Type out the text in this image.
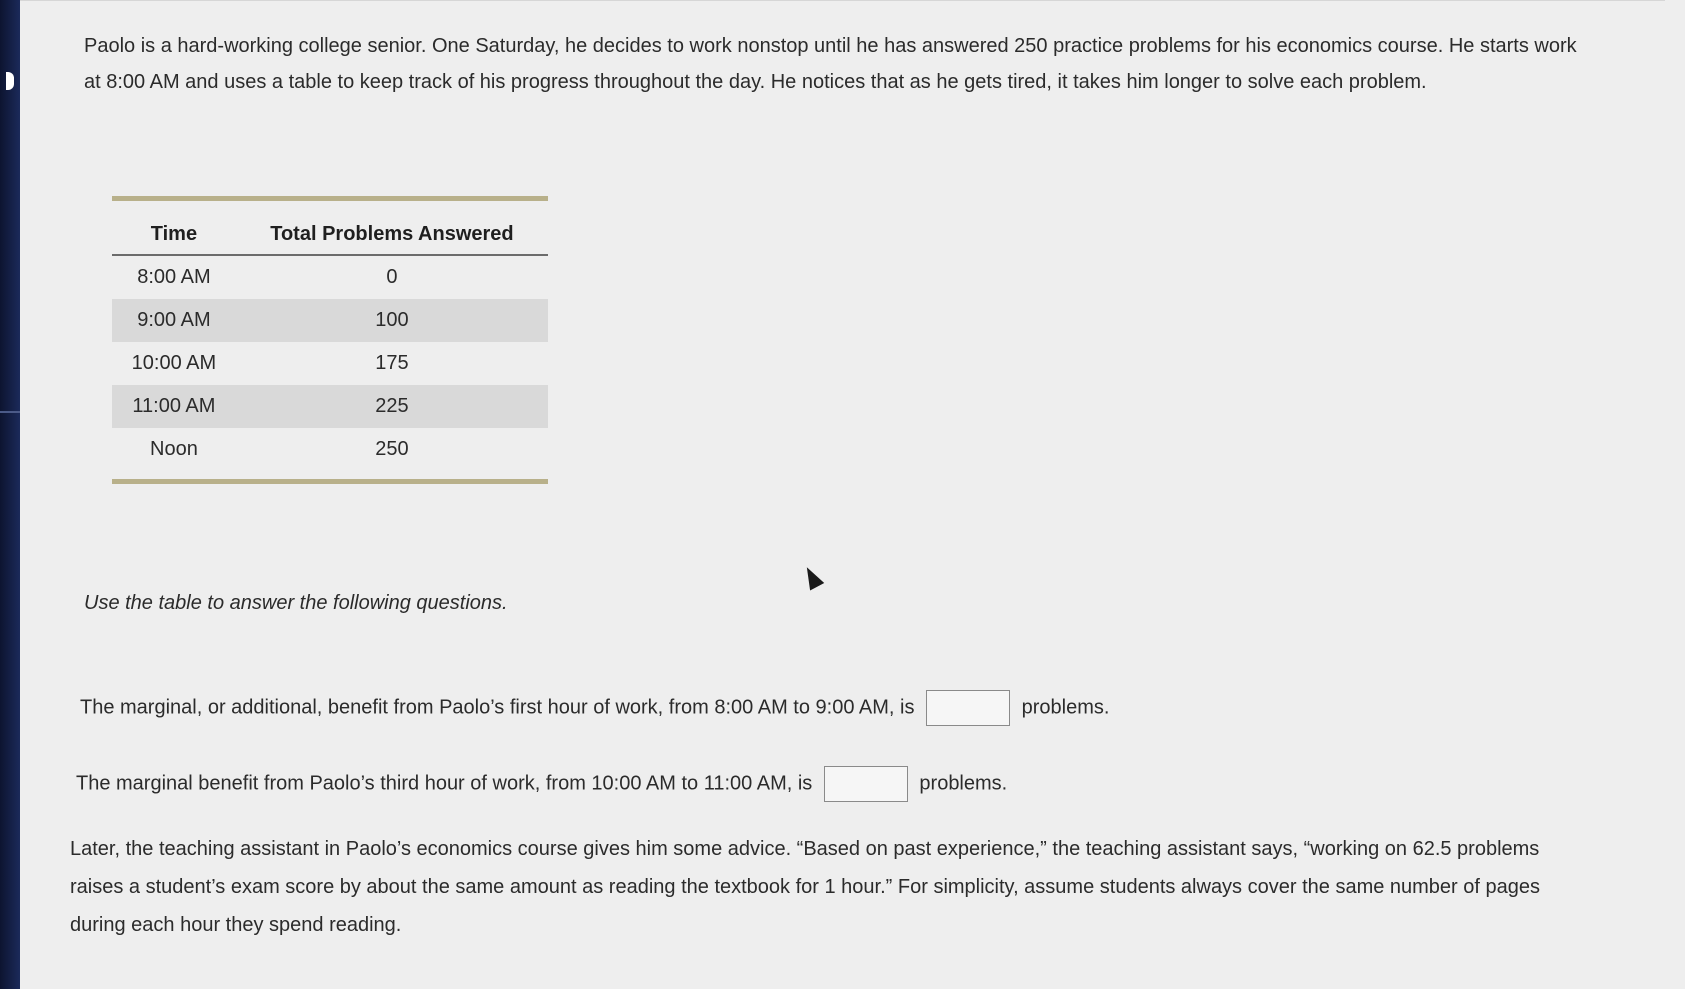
Paolo is a hard-working college senior. One Saturday, he decides to work nonstop until he has answered 250 practice problems for his economics course. He starts work at 8:00 AM and uses a table to keep track of his progress throughout the day. He notices that as he gets tired, it takes him longer to solve each problem.

Time	Total Problems Answered
8:00 AM	0
9:00 AM	100
10:00 AM	175
11:00 AM	225
Noon	250

Use the table to answer the following questions.

The marginal, or additional, benefit from Paolo’s first hour of work, from 8:00 AM to 9:00 AM, is	problems.

The marginal benefit from Paolo’s third hour of work, from 10:00 AM to 11:00 AM, is	problems.

Later, the teaching assistant in Paolo’s economics course gives him some advice. “Based on past experience,” the teaching assistant says, “working on 62.5 problems raises a student’s exam score by about the same amount as reading the textbook for 1 hour.” For simplicity, assume students always cover the same number of pages during each hour they spend reading.
